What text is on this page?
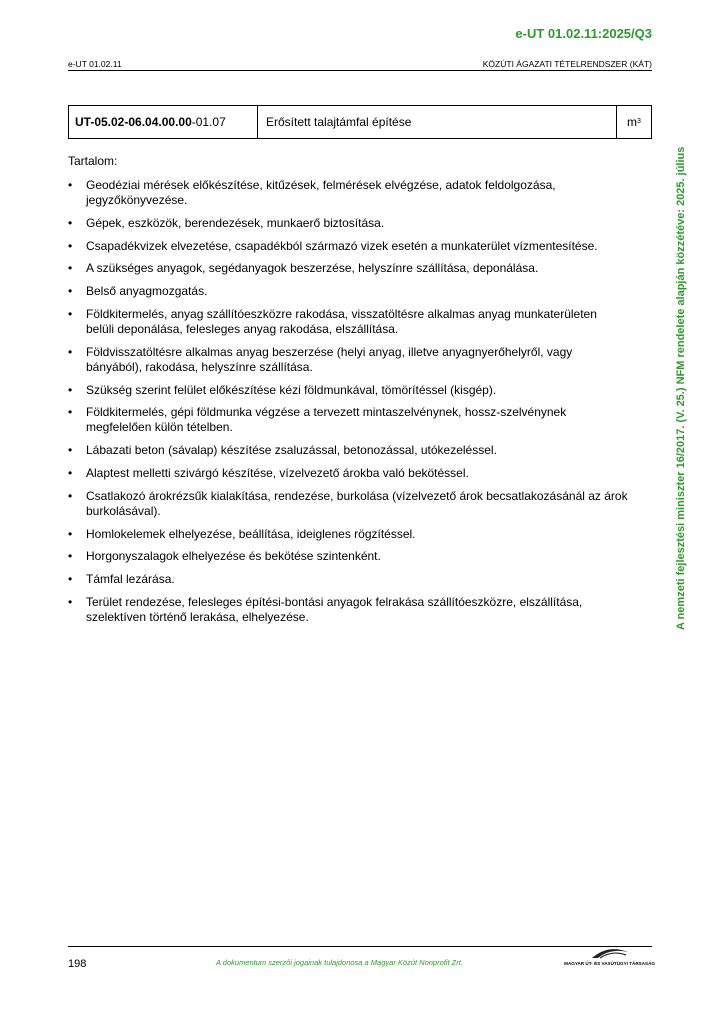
e-UT 01.02.11:2025/Q3
e-UT 01.02.11	KÖZÚTI ÁGAZATI TÉTELRENDSZER (KÁT)
UT-05.02-06.04.00.00 -01.07	Erősített talajtámfal építése	m 3
Tartalom:
• Geodéziai mérések előkészítése, kitűzések, felmérések elvégzése, adatok feldolgozása, jegyzőkönyvezése.
• Gépek, eszközök, berendezések, munkaerő biztosítása.
• Csapadékvizek elvezetése, csapadékból származó vizek esetén a munkaterület vízmentesítése.
• A szükséges anyagok, segédanyagok beszerzése, helyszínre szállítása, deponálása.
• Belső anyagmozgatás.
• Földkitermelés, anyag szállítóeszközre rakodása, visszatöltésre alkalmas anyag munkaterületen belüli deponálása, felesleges anyag rakodása, elszállítása.
• Földvisszatöltésre alkalmas anyag beszerzése (helyi anyag, illetve anyagnyerőhelyről, vagy bányából), rakodása, helyszínre szállítása.
• Szükség szerint felület előkészítése kézi földmunkával, tömörítéssel (kisgép).
• Földkitermelés, gépi földmunka végzése a tervezett mintaszelvénynek, hossz-szelvénynek megfelelően külön tételben.
• Lábazati beton (sávalap) készítése zsaluzással, betonozással, utókezeléssel.
• Alaptest melletti szivárgó készítése, vízelvezető árokba való bekötéssel.
• Csatlakozó árokrézsűk kialakítása, rendezése, burkolása (vízelvezető árok becsatlakozásánál az árok burkolásával).
• Homlokelemek elhelyezése, beállítása, ideiglenes rögzítéssel.
• Horgonyszalagok elhelyezése és bekötése szintenként.
• Támfal lezárása.
• Terület rendezése, felesleges építési-bontási anyagok felrakása szállítóeszközre, elszállítása, szelektíven történő lerakása, elhelyezése.	A nemzeti fejlesztési miniszter 16/2017. (V. 25.) NFM rendelete alapján közzétéve: 2025. július
198	A dokumentum szerzői jogainak tulajdonosa a Magyar Közút Nonprofit Zrt.	MAGYAR ÚT- ÉS VASÚTÜGYI TÁRSASÁG
